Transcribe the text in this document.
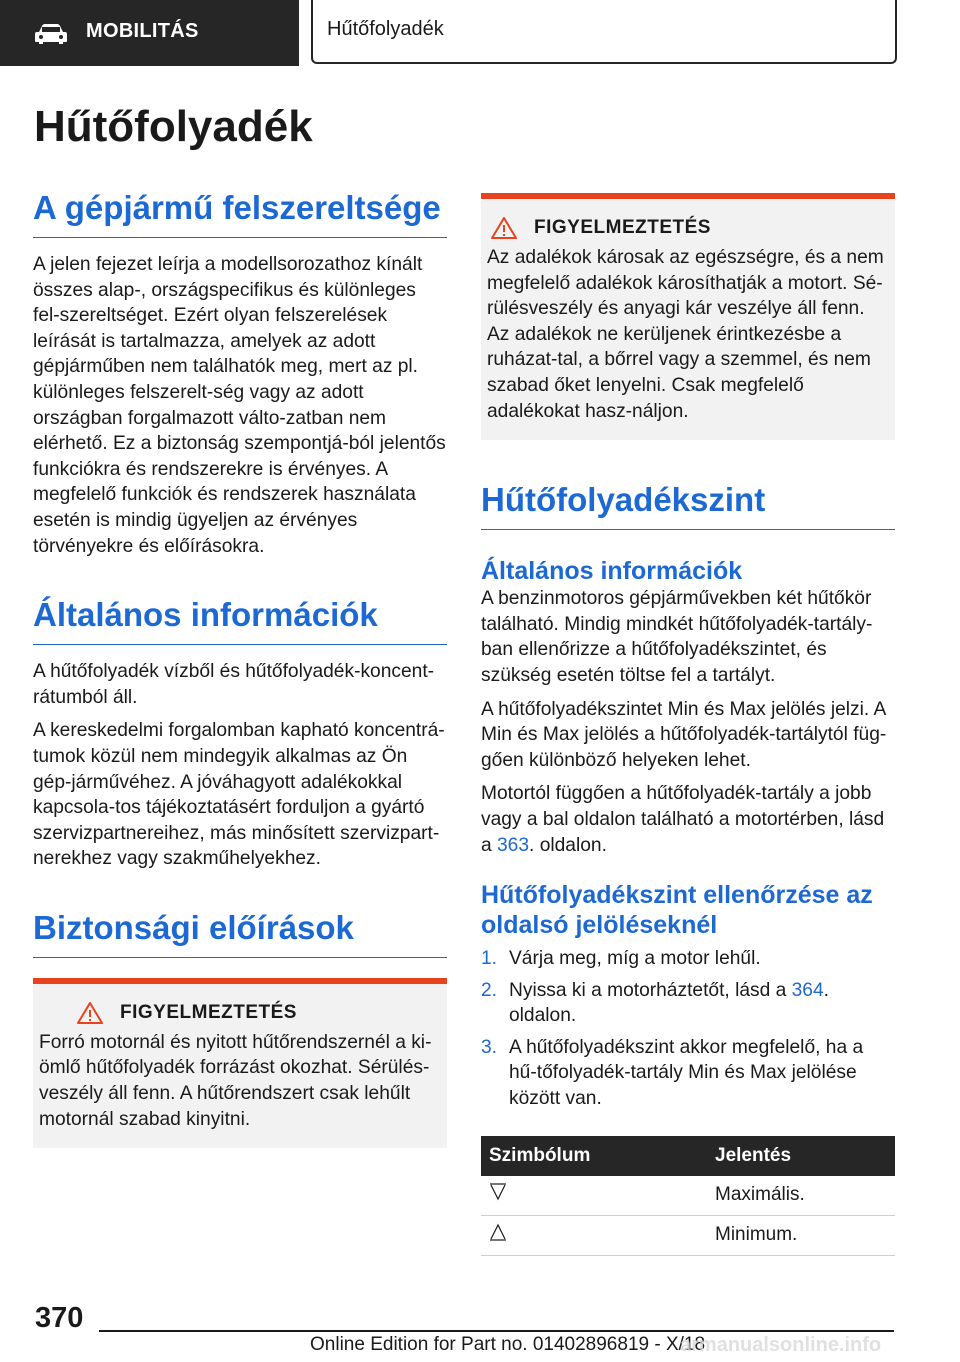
MOBILITÁS	Hűtőfolyadék
Hűtőfolyadék
A gépjármű felszereltsége

A jelen fejezet leírja a modellsorozathoz kínált összes alap-, országspecifikus és különleges fel-szereltséget. Ezért olyan felszerelések leírását is tartalmazza, amelyek az adott gépjárműben nem találhatók meg, mert az pl. különleges felszerelt-ség vagy az adott országban forgalmazott válto-zatban nem elérhető. Ez a biztonság szempontjá-ból jelentős funkciókra és rendszerekre is érvényes. A megfelelő funkciók és rendszerek használata esetén is mindig ügyeljen az érvényes törvényekre és előírásokra.

Általános információk

A hűtőfolyadék vízből és hűtőfolyadék-koncent-rátumból áll.

A kereskedelmi forgalomban kapható koncentrá-tumok közül nem mindegyik alkalmas az Ön gép-járművéhez. A jóváhagyott adalékokkal kapcsola-tos tájékoztatásért forduljon a gyártó szervizpartnereihez, más minősített szervizpart-nerekhez vagy szakműhelyekhez.

Biztonsági előírások
FIGYELMEZTETÉS

Forró motornál és nyitott hűtőrendszernél a ki-ömlő hűtőfolyadék forrázást okozhat. Sérülés-veszély áll fenn. A hűtőrendszert csak lehűlt motornál szabad kinyitni.

FIGYELMEZTETÉS

Az adalékok károsak az egészségre, és a nem megfelelő adalékok károsíthatják a motort. Sé-rülésveszély és anyagi kár veszélye áll fenn. Az adalékok ne kerüljenek érintkezésbe a ruházat-tal, a bőrrel vagy a szemmel, és nem szabad őket lenyelni. Csak megfelelő adalékokat hasz-náljon.

Hűtőfolyadékszint
Általános információk

A benzinmotoros gépjárművekben két hűtőkör található. Mindig mindkét hűtőfolyadék-tartály-ban ellenőrizze a hűtőfolyadékszintet, és szükség esetén töltse fel a tartályt.

A hűtőfolyadékszintet Min és Max jelölés jelzi. A Min és Max jelölés a hűtőfolyadék-tartálytól füg-gően különböző helyeken lehet.

Motortól függően a hűtőfolyadék-tartály a jobb vagy a bal oldalon található a motortérben, lásd a 363. oldalon.

Hűtőfolyadékszint ellenőrzése az oldalsó jelöléseknél
1. Várja meg, míg a motor lehűl.
2. Nyissa ki a motorháztetőt, lásd a 364. oldalon.
3. A hűtőfolyadékszint akkor megfelelő, ha a hű-tőfolyadék-tartály Min és Max jelölése között van.
Szimbólum	Jelentés
	Maximális.
	Minimum.
370
Online Edition for Part no. 01402896819 - X/18
armanualsonline.info
